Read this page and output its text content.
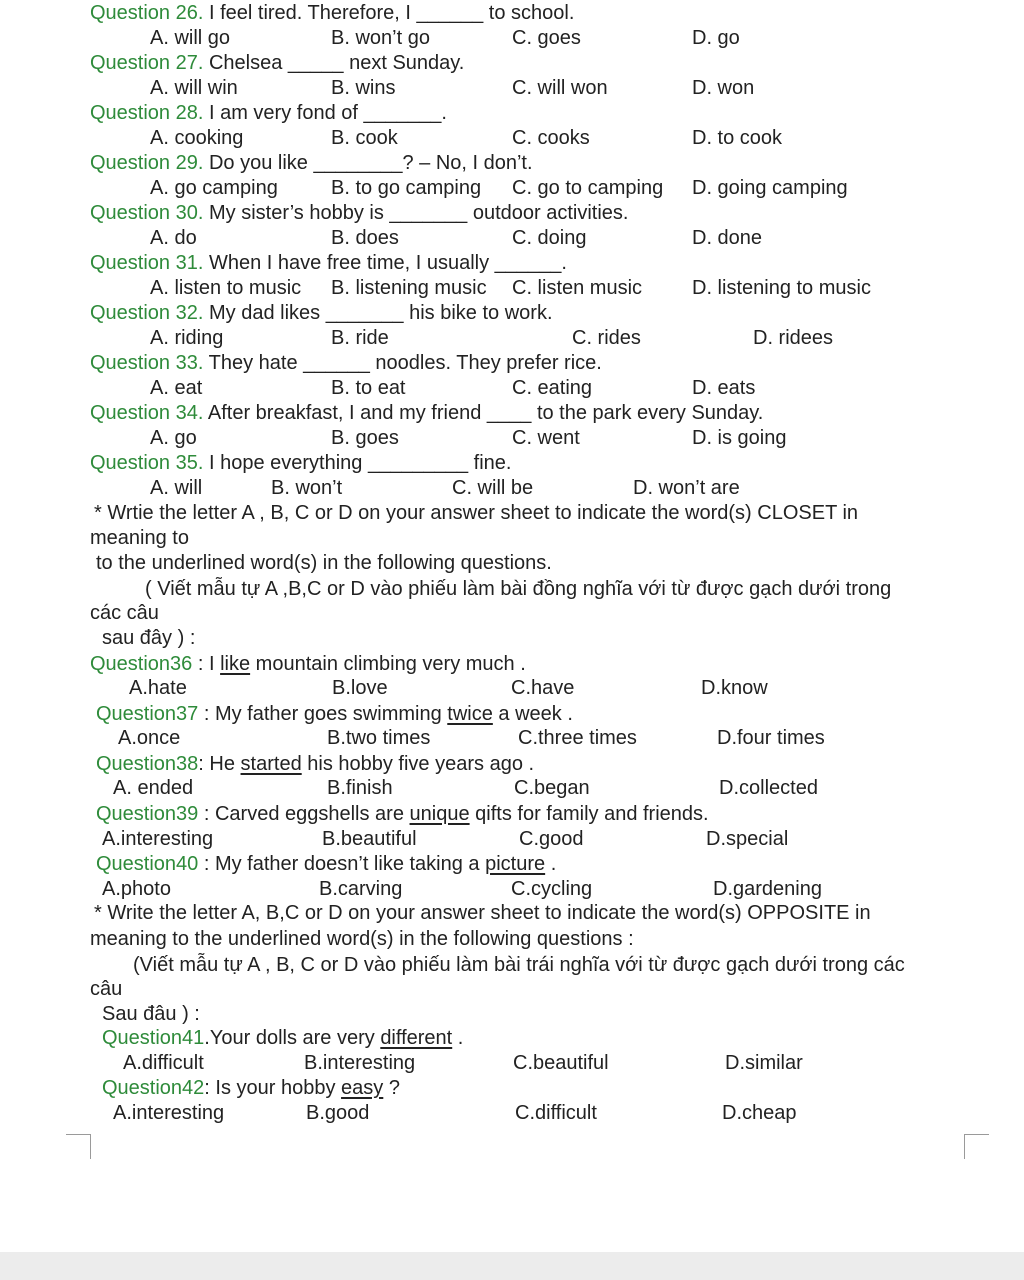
Question 26. I feel tired. Therefore, I ______ to school.
A. will go	B. won’t go	C. goes	D. go
Question 27. Chelsea _____ next Sunday.
A. will win	B. wins	C. will won	D. won
Question 28. I am very fond of _______.
A. cooking	B. cook	C. cooks	D. to cook
Question 29. Do you like ________? – No, I don’t.
A. go camping	B. to go camping C. go to camping D. going camping
Question 30. My sister’s hobby is _______ outdoor activities.
A. do	B. does	C. doing	D. done
Question 31. When I have free time, I usually ______.
A. listen to music B. listening music C. listen music D. listening to music
Question 32. My dad likes _______ his bike to work.
A. riding	B. ride	C. rides	D. ridees
Question 33. They hate ______ noodles. They prefer rice.
A. eat	B. to eat	C. eating	D. eats
Question 34. After breakfast, I and my friend ____ to the park every Sunday.
A. go	B. goes	C. went	D. is going
Question 35. I hope everything _________ fine.
A. will	B. won’t	C. will be	D. won’t are
* Wrtie the letter A , B, C or D on your answer sheet to indicate the word(s) CLOSET in
meaning to
to the underlined word(s) in the following questions.
( Viết mẫu tự A ,B,C or D vào phiếu làm bài đồng nghĩa với từ được gạch dưới trong
các câu
sau đây ) :
Question36 : I like mountain climbing very much .
A.hate	B.love	C.have	D.know
Question37 : My father goes swimming twice a week .
A.once	B.two times	C.three times	D.four times
Question38: He started his hobby five years ago .
A. ended	B.finish	C.began	D.collected
Question39 : Carved eggshells are unique qifts for family and friends.
A.interesting	B.beautiful	C.good	D.special
Question40 : My father doesn’t like taking a picture .
A.photo	B.carving	C.cycling	D.gardening
* Write the letter A, B,C or D on your answer sheet to indicate the word(s) OPPOSITE in
meaning to the underlined word(s) in the following questions :
(Viết mẫu tự A , B, C or D vào phiếu làm bài trái nghĩa với từ được gạch dưới trong các
câu
Sau đâu ) :
Question41.Your dolls are very different .
A.difficult	B.interesting	C.beautiful	D.similar
Question42: Is your hobby easy ?
A.interesting	B.good	C.difficult	D.cheap
